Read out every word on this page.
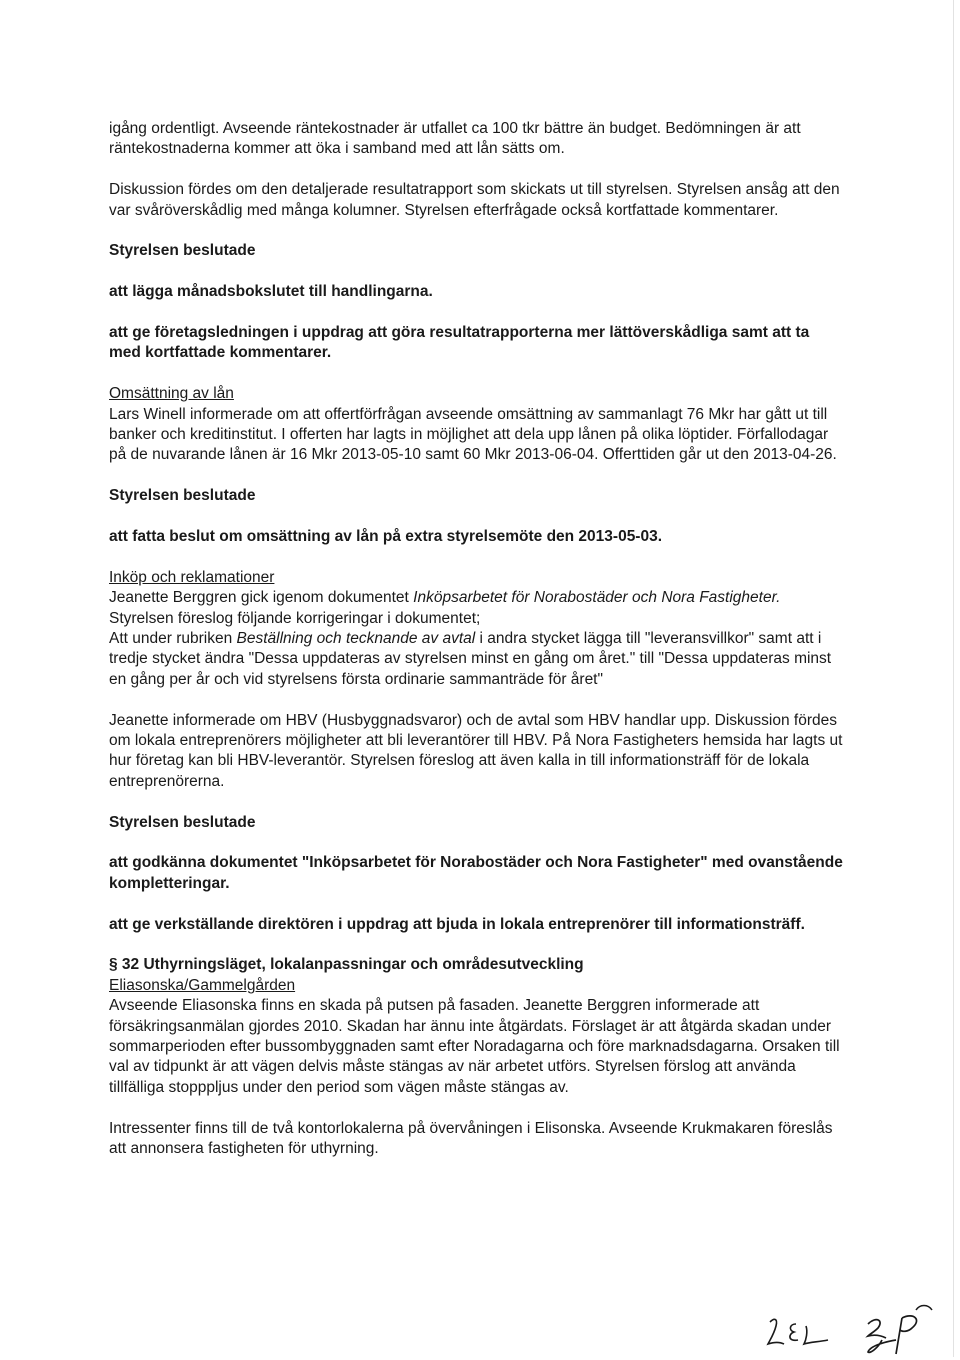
igång ordentligt. Avseende räntekostnader är utfallet ca 100 tkr bättre än budget. Bedömningen är att räntekostnaderna kommer att öka i samband med att lån sätts om.

Diskussion fördes om den detaljerade resultatrapport som skickats ut till styrelsen. Styrelsen ansåg att den var svåröverskådlig med många kolumner. Styrelsen efterfrågade också kortfattade kommentarer.

Styrelsen beslutade

att lägga månadsbokslutet till handlingarna.

att ge företagsledningen i uppdrag att göra resultatrapporterna mer lättöverskådliga samt att ta med kortfattade kommentarer.

Omsättning av lån

Lars Winell informerade om att offertförfrågan avseende omsättning av sammanlagt 76 Mkr har gått ut till banker och kreditinstitut. I offerten har lagts in möjlighet att dela upp lånen på olika löptider. Förfallodagar på de nuvarande lånen är 16 Mkr 2013-05-10 samt 60 Mkr 2013-06-04. Offerttiden går ut den 2013-04-26.

Styrelsen beslutade

att fatta beslut om omsättning av lån på extra styrelsemöte den 2013-05-03.

Inköp och reklamationer

Jeanette Berggren gick igenom dokumentet Inköpsarbetet för Norabostäder och Nora Fastigheter. Styrelsen föreslog följande korrigeringar i dokumentet;

Att under rubriken Beställning och tecknande av avtal i andra stycket lägga till "leveransvillkor" samt att i tredje stycket ändra "Dessa uppdateras av styrelsen minst en gång om året." till "Dessa uppdateras minst en gång per år och vid styrelsens första ordinarie sammanträde för året"

Jeanette informerade om HBV (Husbyggnadsvaror) och de avtal som HBV handlar upp. Diskussion fördes om lokala entreprenörers möjligheter att bli leverantörer till HBV. På Nora Fastigheters hemsida har lagts ut hur företag kan bli HBV-leverantör. Styrelsen föreslog att även kalla in till informationsträff för de lokala entreprenörerna.

Styrelsen beslutade

att godkänna dokumentet "Inköpsarbetet för Norabostäder och Nora Fastigheter" med ovanstående kompletteringar.

att ge verkställande direktören i uppdrag att bjuda in lokala entreprenörer till informationsträff.

§ 32 Uthyrningsläget, lokalanpassningar och områdesutveckling

Eliasonska/Gammelgården

Avseende Eliasonska finns en skada på putsen på fasaden. Jeanette Berggren informerade att försäkringsanmälan gjordes 2010. Skadan har ännu inte åtgärdats. Förslaget är att åtgärda skadan under sommarperioden efter bussombyggnaden samt efter Noradagarna och före marknadsdagarna. Orsaken till val av tidpunkt är att vägen delvis måste stängas av när arbetet utförs. Styrelsen förslog att använda tillfälliga stopppljus under den period som vägen måste stängas av.

Intressenter finns till de två kontorlokalerna på övervåningen i Elisonska. Avseende Krukmakaren föreslås att annonsera fastigheten för uthyrning.
